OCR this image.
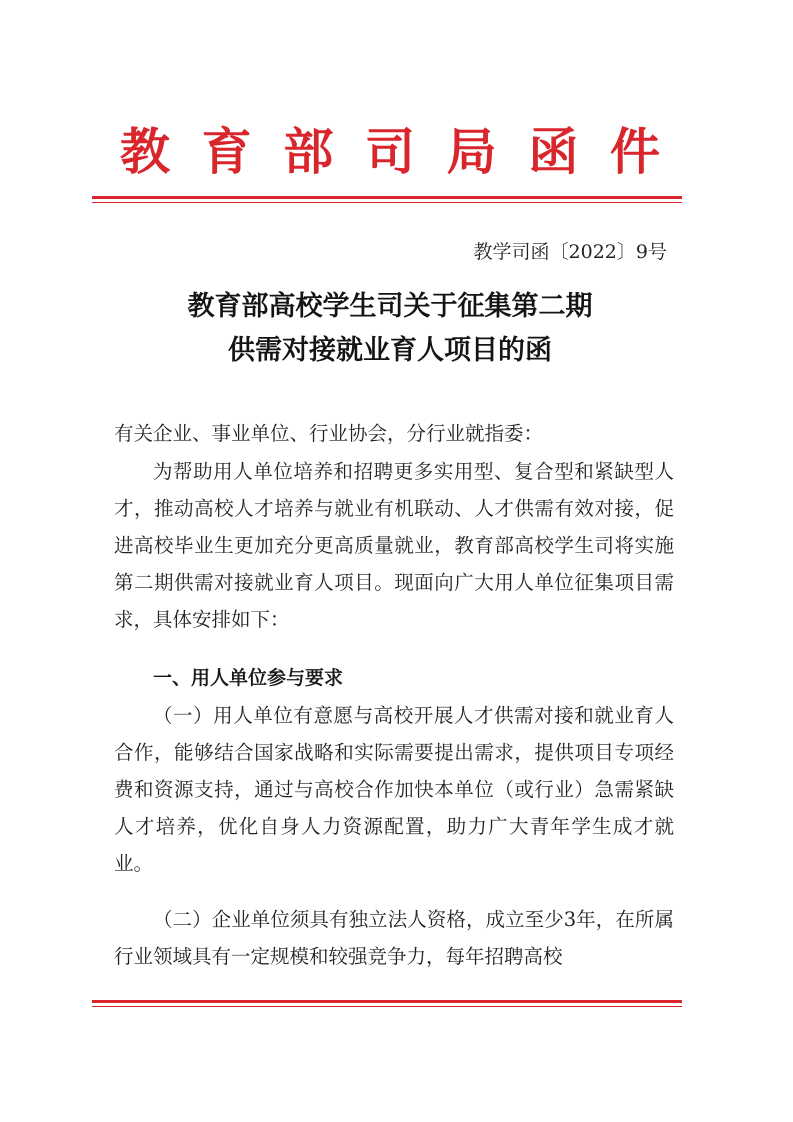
教育部司局函件
教学司函〔2022〕9号
教育部高校学生司关于征集第二期
供需对接就业育人项目的函
有关企业、事业单位、行业协会，分行业就指委：
为帮助用人单位培养和招聘更多实用型、复合型和紧缺型人才，推动高校人才培养与就业有机联动、人才供需有效对接，促进高校毕业生更加充分更高质量就业，教育部高校学生司将实施第二期供需对接就业育人项目。现面向广大用人单位征集项目需求，具体安排如下：
一、用人单位参与要求
（一）用人单位有意愿与高校开展人才供需对接和就业育人合作，能够结合国家战略和实际需要提出需求，提供项目专项经费和资源支持，通过与高校合作加快本单位（或行业）急需紧缺人才培养，优化自身人力资源配置，助力广大青年学生成才就业。
（二）企业单位须具有独立法人资格，成立至少3年，在所属行业领域具有一定规模和较强竞争力，每年招聘高校
